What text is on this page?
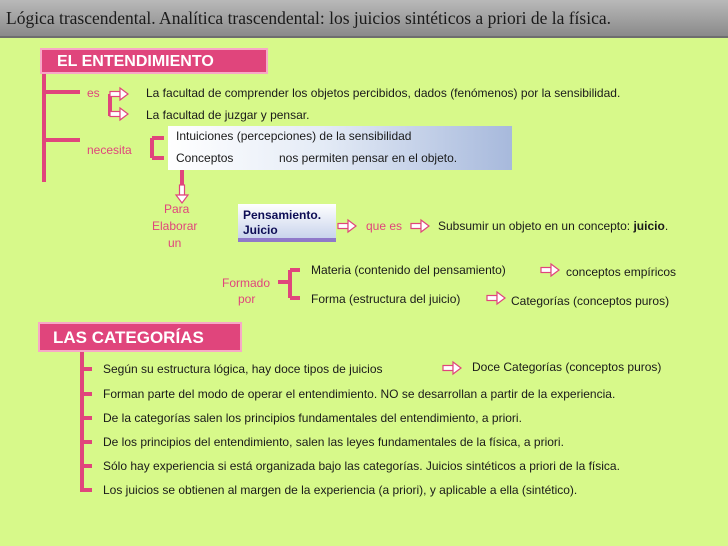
Lógica trascendental. Analítica trascendental: los juicios sintéticos a priori de la física.
EL ENTENDIMIENTO
es	La facultad de comprender los objetos percibidos, dados (fenómenos) por la sensibilidad.
La facultad de juzgar y pensar.
necesita
Intuiciones (percepciones) de la sensibilidad
Conceptos	nos permiten pensar en el objeto.
Para
Elaborar
un
Pensamiento.
Juicio	que es	Subsumir un objeto en un concepto: juicio.
Formado
por
Materia (contenido del pensamiento)
Forma (estructura del juicio)
conceptos empíricos
Categorías (conceptos puros)
LAS CATEGORÍAS
Según su estructura lógica, hay doce tipos de juicios	Doce Categorías (conceptos puros)
Forman parte del modo de operar el entendimiento. NO se desarrollan a partir de la experiencia.
De la categorías salen los principios fundamentales del entendimiento, a priori.
De los principios del entendimiento, salen las leyes fundamentales de la física, a priori.
Sólo hay experiencia si está organizada bajo las categorías. Juicios sintéticos a priori de la física.
Los juicios se obtienen al margen de la experiencia (a priori), y aplicable a ella (sintético).
